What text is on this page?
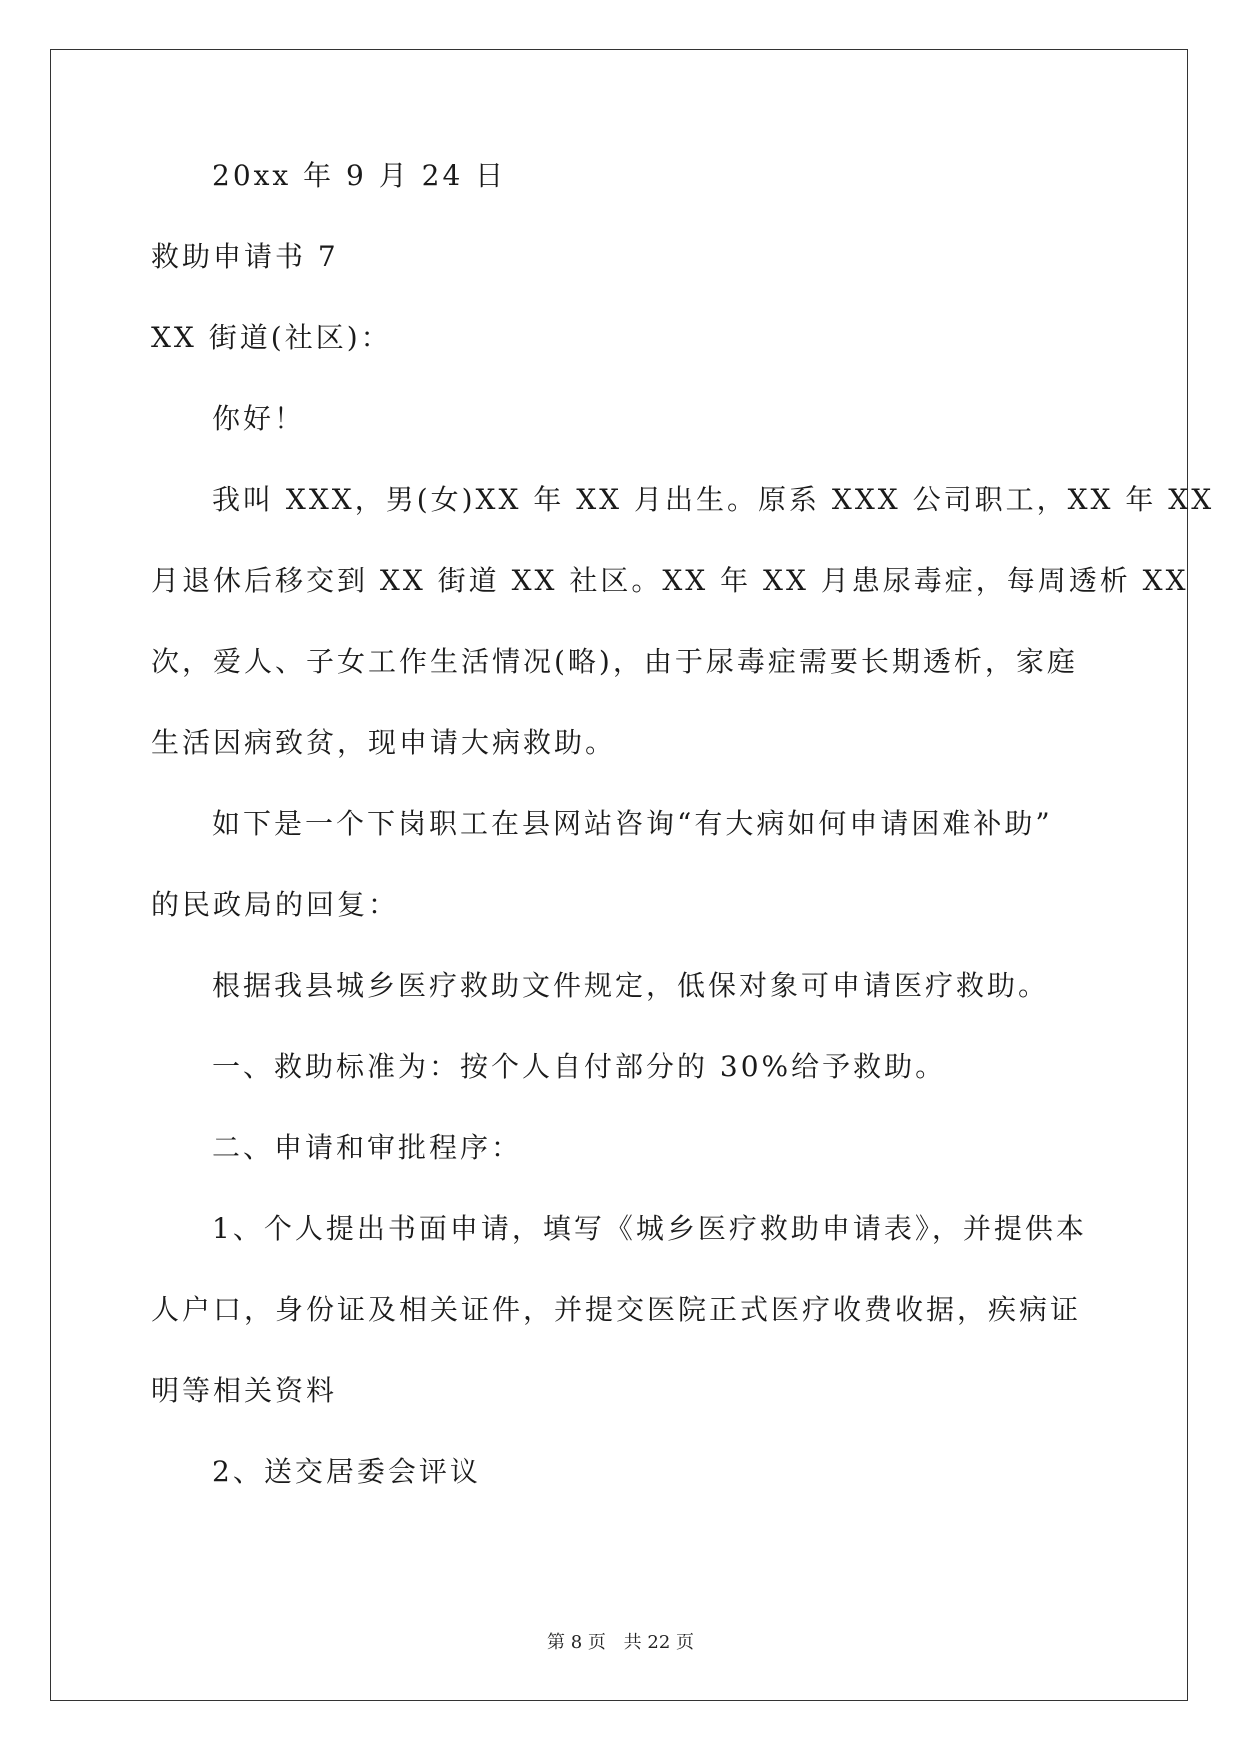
20xx 年 9 月 24 日
救助申请书 7
XX 街道(社区)：
你好！
我叫 XXX，男(女)XX 年 XX 月出生。原系 XXX 公司职工，XX 年 XX
月退休后移交到 XX 街道 XX 社区。XX 年 XX 月患尿毒症，每周透析 XX
次，爱人、子女工作生活情况(略)，由于尿毒症需要长期透析，家庭
生活因病致贫，现申请大病救助。
如下是一个下岗职工在县网站咨询“有大病如何申请困难补助”
的民政局的回复：
根据我县城乡医疗救助文件规定，低保对象可申请医疗救助。
一、救助标准为：按个人自付部分的 30%给予救助。
二、申请和审批程序：
1、个人提出书面申请，填写《城乡医疗救助申请表》，并提供本
人户口，身份证及相关证件，并提交医院正式医疗收费收据，疾病证
明等相关资料
2、送交居委会评议
第 8 页 共 22 页
